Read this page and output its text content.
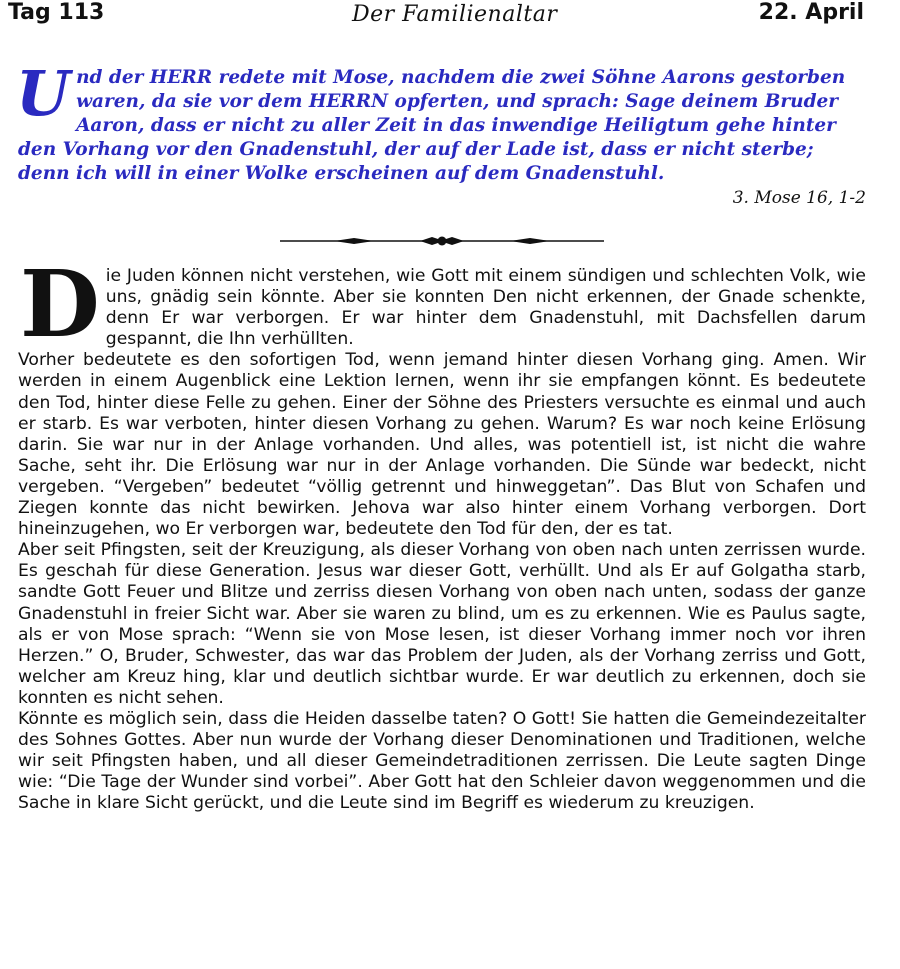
Tag 113	Der Familienaltar	22. April

Und der HERR redete mit Mose, nachdem die zwei Söhne Aarons gestorben waren, da sie vor dem HERRN opferten, und sprach: Sage deinem Bruder Aaron, dass er nicht zu aller Zeit in das inwendige Heiligtum gehe hinter den Vorhang vor den Gnadenstuhl, der auf der Lade ist, dass er nicht sterbe; denn ich will in einer Wolke erscheinen auf dem Gnadenstuhl.

3. Mose 16, 1-2

Die Juden können nicht verstehen, wie Gott mit einem sündigen und schlechten Volk, wie uns, gnädig sein könnte. Aber sie konnten Den nicht erkennen, der Gnade schenkte, denn Er war verborgen. Er war hinter dem Gnadenstuhl, mit Dachsfellen darum gespannt, die Ihn verhüllten.

Vorher bedeutete es den sofortigen Tod, wenn jemand hinter diesen Vorhang ging. Amen. Wir werden in einem Augenblick eine Lektion lernen, wenn ihr sie empfangen könnt. Es bedeutete den Tod, hinter diese Felle zu gehen. Einer der Söhne des Priesters versuchte es einmal und auch er starb. Es war verboten, hinter diesen Vorhang zu gehen. Warum? Es war noch keine Erlösung darin. Sie war nur in der Anlage vorhanden. Und alles, was potentiell ist, ist nicht die wahre Sache, seht ihr. Die Erlösung war nur in der Anlage vorhanden. Die Sünde war bedeckt, nicht vergeben. “Vergeben” bedeutet “völlig getrennt und hinweggetan”. Das Blut von Schafen und Ziegen konnte das nicht bewirken. Jehova war also hinter einem Vorhang verborgen. Dort hineinzugehen, wo Er verborgen war, bedeutete den Tod für den, der es tat.

Aber seit Pfingsten, seit der Kreuzigung, als dieser Vorhang von oben nach unten zerrissen wurde. Es geschah für diese Generation. Jesus war dieser Gott, verhüllt. Und als Er auf Golgatha starb, sandte Gott Feuer und Blitze und zerriss diesen Vorhang von oben nach unten, sodass der ganze Gnadenstuhl in freier Sicht war. Aber sie waren zu blind, um es zu erkennen. Wie es Paulus sagte, als er von Mose sprach: “Wenn sie von Mose lesen, ist dieser Vorhang immer noch vor ihren Herzen.” O, Bruder, Schwester, das war das Problem der Juden, als der Vorhang zerriss und Gott, welcher am Kreuz hing, klar und deutlich sichtbar wurde. Er war deutlich zu erkennen, doch sie konnten es nicht sehen.

Könnte es möglich sein, dass die Heiden dasselbe taten? O Gott! Sie hatten die Gemeindezeitalter des Sohnes Gottes. Aber nun wurde der Vorhang dieser Denominationen und Traditionen, welche wir seit Pfingsten haben, und all dieser Gemeindetraditionen zerrissen. Die Leute sagten Dinge wie: “Die Tage der Wunder sind vorbei”. Aber Gott hat den Schleier davon weggenommen und die Sache in klare Sicht gerückt, und die Leute sind im Begriff es wiederum zu kreuzigen.
